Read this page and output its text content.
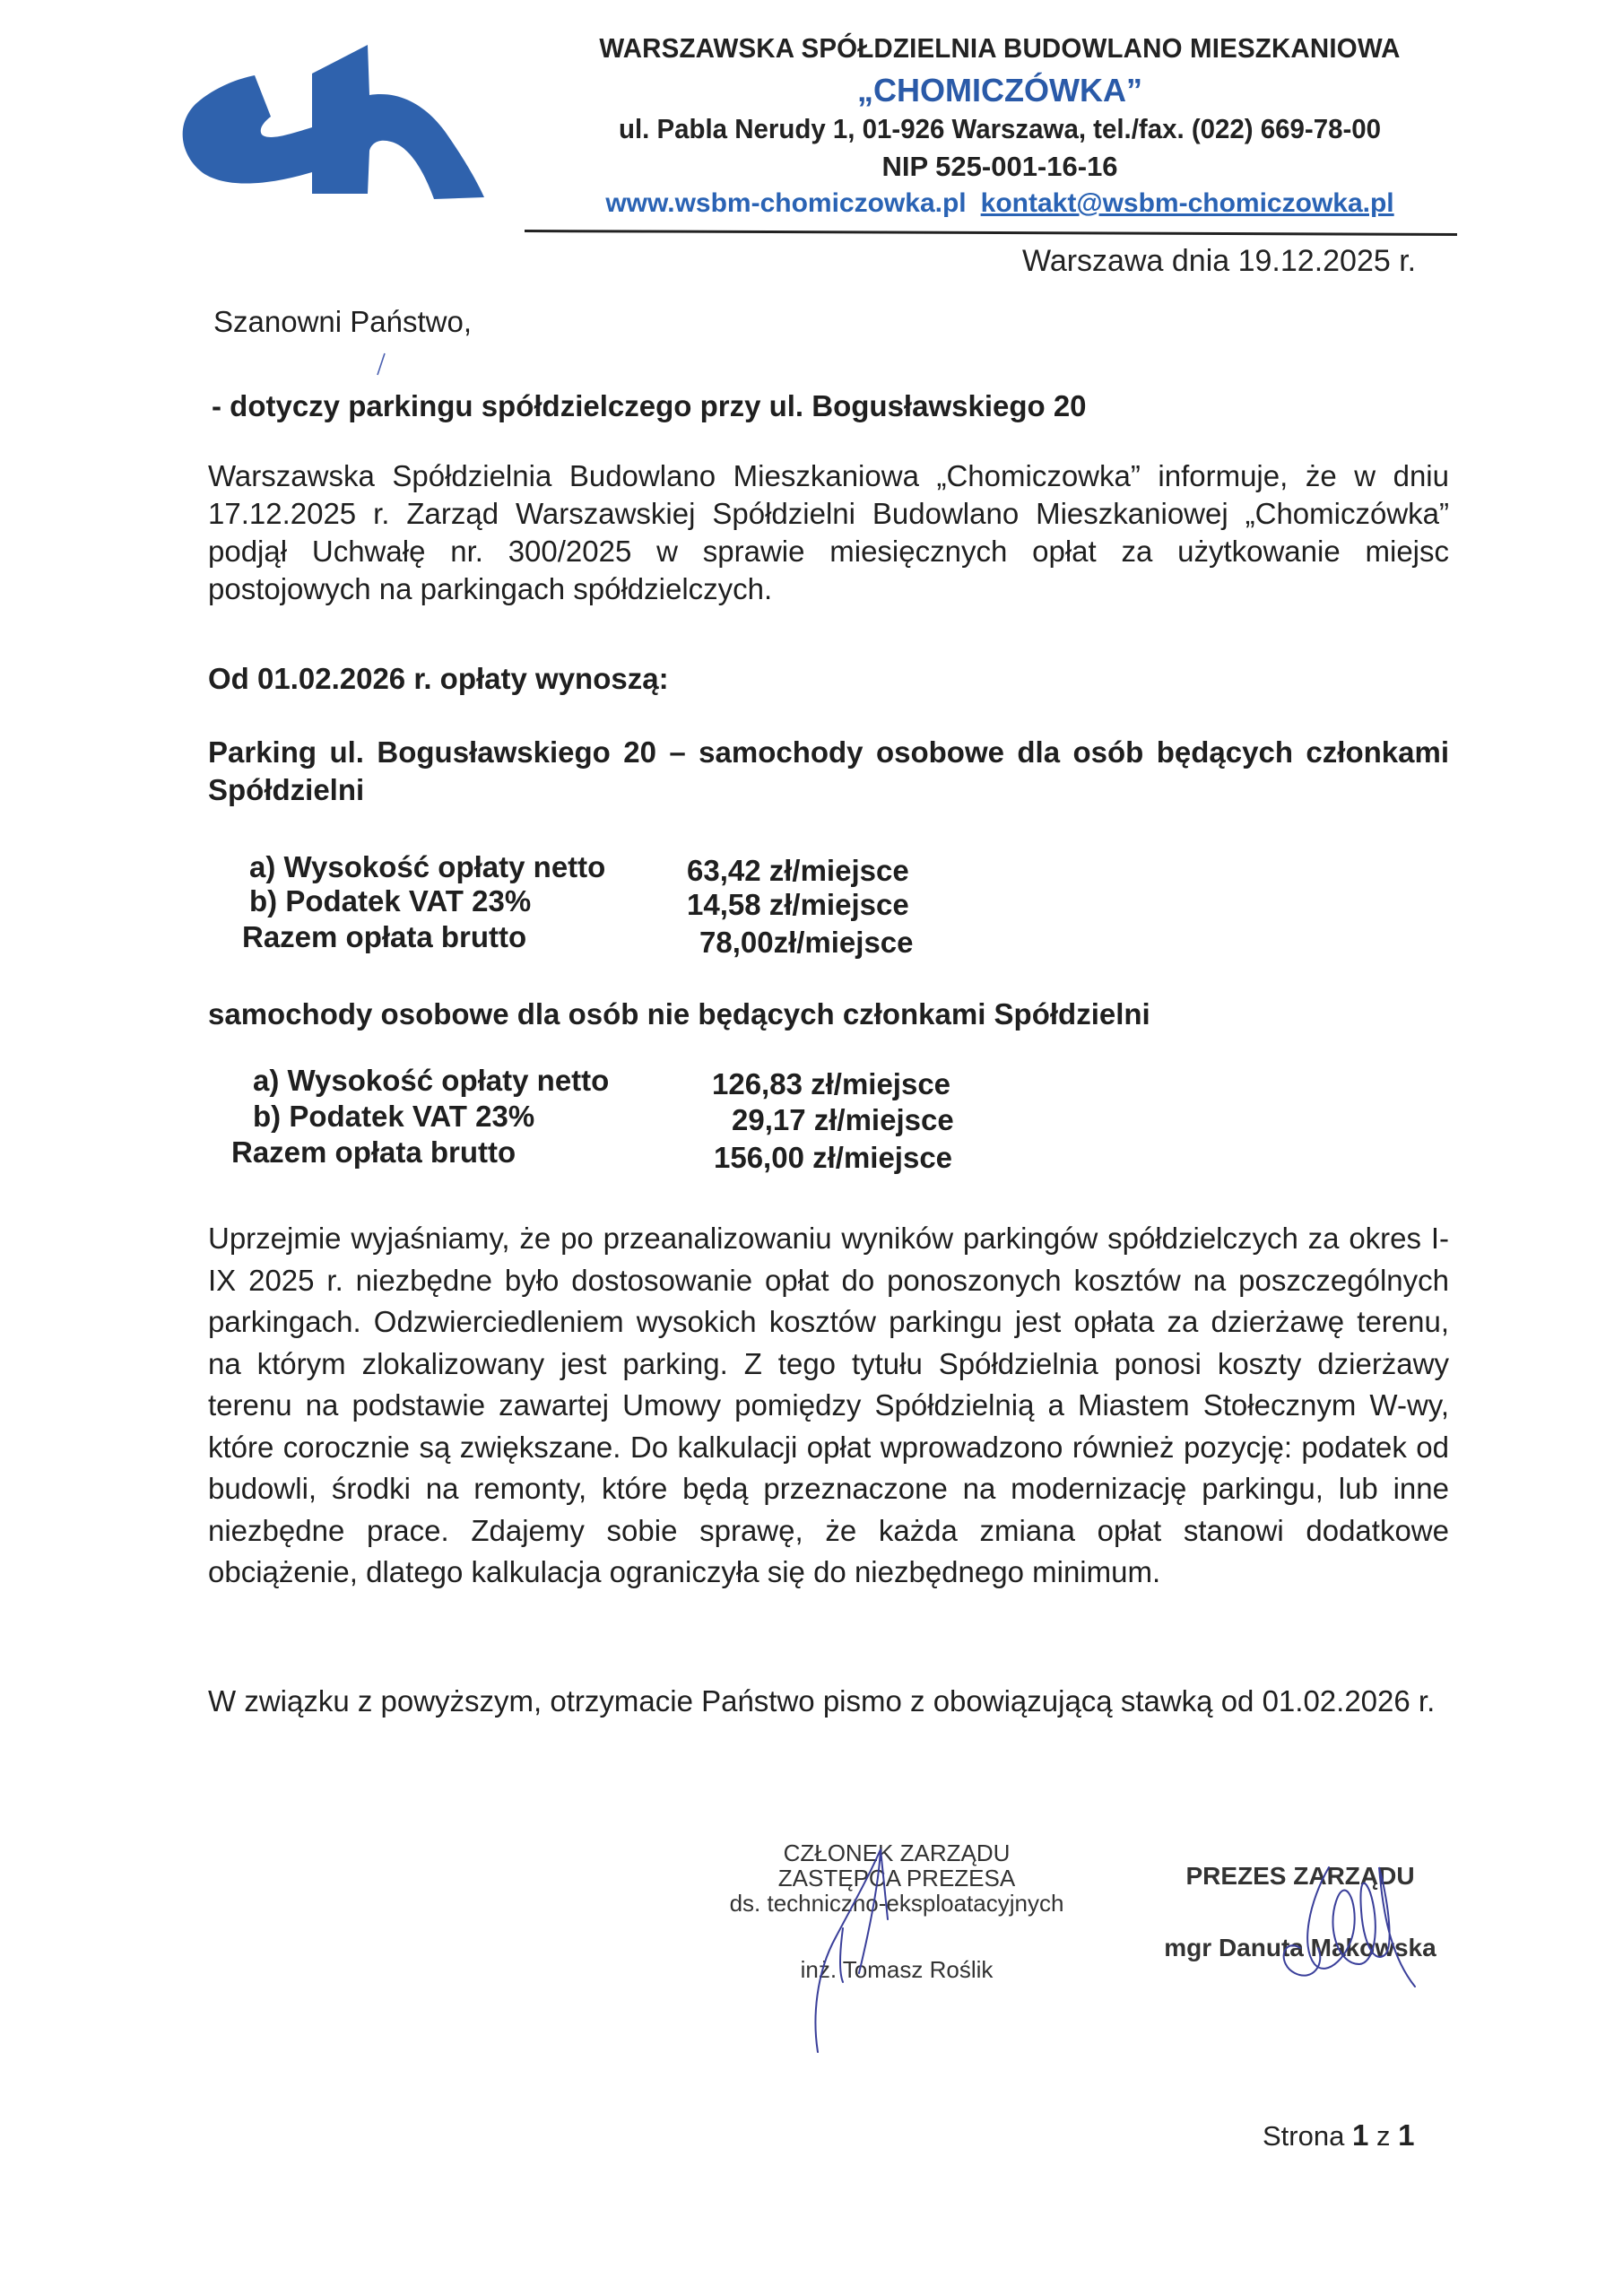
WARSZAWSKA SPÓŁDZIELNIA BUDOWLANO MIESZKANIOWA
„CHOMICZÓWKA”
ul. Pabla Nerudy 1, 01-926 Warszawa, tel./fax. (022) 669-78-00
NIP 525-001-16-16
www.wsbm-chomiczowka.pl kontakt@wsbm-chomiczowka.pl
Warszawa dnia 19.12.2025 r.
Szanowni Państwo,
- dotyczy parkingu spółdzielczego przy ul. Bogusławskiego 20
Warszawska Spółdzielnia Budowlano Mieszkaniowa „Chomiczowka” informuje, że w dniu 17.12.2025 r. Zarząd Warszawskiej Spółdzielni Budowlano Mieszkaniowej „Chomiczówka” podjął Uchwałę nr. 300/2025 w sprawie miesięcznych opłat za użytkowanie miejsc postojowych na parkingach spółdzielczych.
Od 01.02.2026 r. opłaty wynoszą:
Parking ul. Bogusławskiego 20 – samochody osobowe dla osób będących członkami Spółdzielni
a) Wysokość opłaty netto	63,42 zł/miejsce
b) Podatek VAT 23%	14,58 zł/miejsce
Razem opłata brutto	78,00zł/miejsce
samochody osobowe dla osób nie będących członkami Spółdzielni
a) Wysokość opłaty netto	126,83 zł/miejsce
b) Podatek VAT 23%	29,17 zł/miejsce
Razem opłata brutto	156,00 zł/miejsce
Uprzejmie wyjaśniamy, że po przeanalizowaniu wyników parkingów spółdzielczych za okres I-IX 2025 r. niezbędne było dostosowanie opłat do ponoszonych kosztów na poszczególnych parkingach. Odzwierciedleniem wysokich kosztów parkingu jest opłata za dzierżawę terenu, na którym zlokalizowany jest parking. Z tego tytułu Spółdzielnia ponosi koszty dzierżawy terenu na podstawie zawartej Umowy pomiędzy Spółdzielnią a Miastem Stołecznym W-wy, które corocznie są zwiększane. Do kalkulacji opłat wprowadzono również pozycję: podatek od budowli, środki na remonty, które będą przeznaczone na modernizację parkingu, lub inne niezbędne prace. Zdajemy sobie sprawę, że każda zmiana opłat stanowi dodatkowe obciążenie, dlatego kalkulacja ograniczyła się do niezbędnego minimum.
W związku z powyższym, otrzymacie Państwo pismo z obowiązującą stawką od 01.02.2026 r.
CZŁONEK ZARZĄDU
ZASTĘPCA PREZESA
ds. techniczno-eksploatacyjnych
inż. Tomasz Roślik
PREZES ZARZĄDU
mgr Danuta Makowska
Strona 1 z 1
